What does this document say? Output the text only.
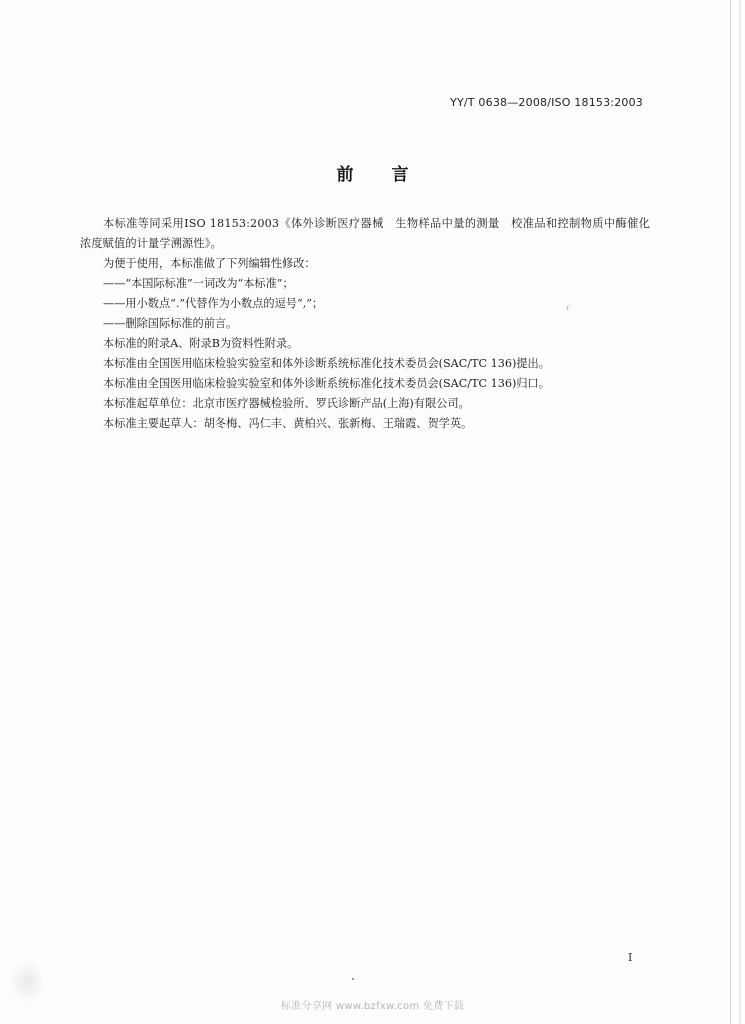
YY/T 0638—2008/ISO 18153:2003
前言

本标准等同采用ISO 18153:2003《体外诊断医疗器械　生物样品中量的测量　校准品和控制物质中酶催化浓度赋值的计量学溯源性》。

为便于使用，本标准做了下列编辑性修改：

——“本国际标准”一词改为“本标准”；

——用小数点“.”代替作为小数点的逗号“,”；

——删除国际标准的前言。

本标准的附录A、附录B为资料性附录。

本标准由全国医用临床检验实验室和体外诊断系统标准化技术委员会(SAC/TC 136)提出。

本标准由全国医用临床检验实验室和体外诊断系统标准化技术委员会(SAC/TC 136)归口。

本标准起草单位：北京市医疗器械检验所、罗氏诊断产品(上海)有限公司。

本标准主要起草人：胡冬梅、冯仁丰、黄柏兴、张新梅、王瑞霞、贺学英。

ι'
I
标准分享网 www.bzfxw.com 免费下载
